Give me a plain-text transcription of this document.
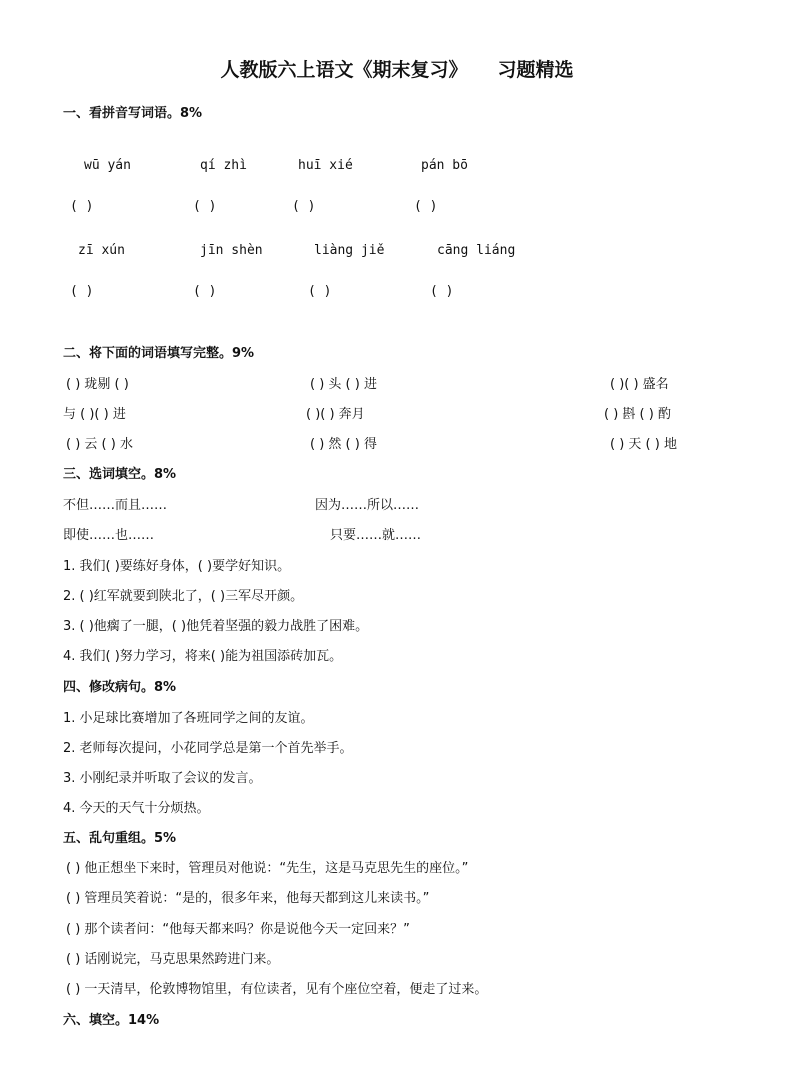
人教版六上语文《期末复习》 习题精选
一、看拼音写词语。8%
wū yán	qí zhì	huī xié	pán bō
( )	( )	( )	( )
zī xún	jīn shèn	liàng jiě	cāng liáng
( )	( )	( )	( )
二、将下面的词语填写完整。9%
( ) 珑剔 ( )	( ) 头 ( ) 进	( )( ) 盛名
与 ( )( ) 进	( )( ) 奔月	( ) 斟 ( ) 酌
( ) 云 ( ) 水	( ) 然 ( ) 得	( ) 天 ( ) 地
三、选词填空。8%
不但……而且……	因为……所以……
即使……也……	只要……就……
1. 我们( )要练好身体，( )要学好知识。
2. ( )红军就要到陕北了，( )三军尽开颜。
3. ( )他瘸了一腿，( )他凭着坚强的毅力战胜了困难。
4. 我们( )努力学习，将来( )能为祖国添砖加瓦。
四、修改病句。8%
1. 小足球比赛增加了各班同学之间的友谊。
2. 老师每次提问，小花同学总是第一个首先举手。
3. 小刚纪录并听取了会议的发言。
4. 今天的天气十分烦热。
五、乱句重组。5%
( ) 他正想坐下来时，管理员对他说：“先生，这是马克思先生的座位。”
( ) 管理员笑着说：“是的，很多年来，他每天都到这儿来读书。”
( ) 那个读者问：“他每天都来吗？你是说他今天一定回来？”
( ) 话刚说完，马克思果然跨进门来。
( ) 一天清早，伦敦博物馆里，有位读者，见有个座位空着，便走了过来。
六、填空。14%
